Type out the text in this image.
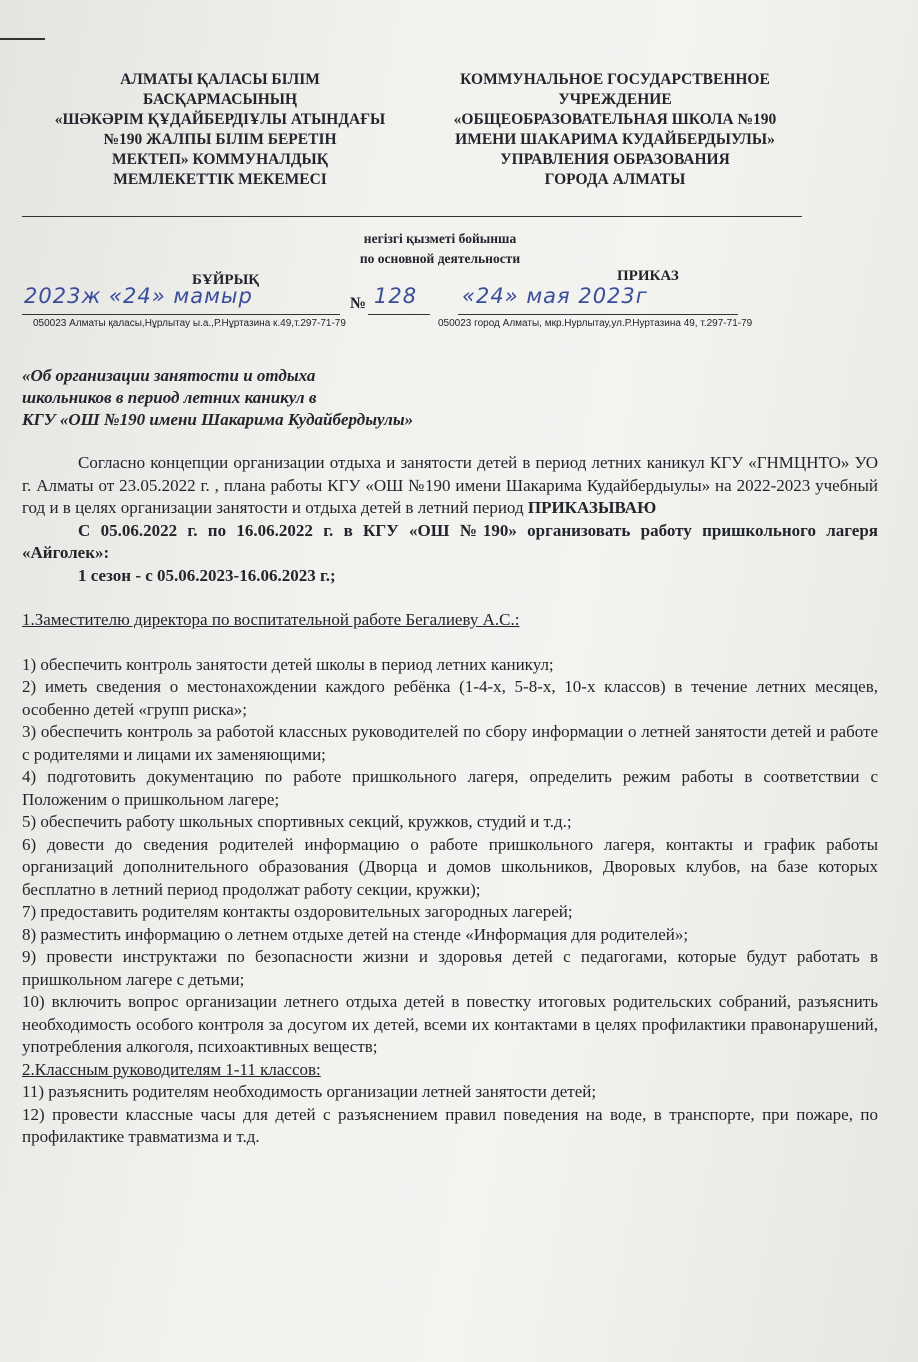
АЛМАТЫ ҚАЛАСЫ БІЛІМ
БАСҚАРМАСЫНЫҢ
«ШӘКӘРІМ ҚҰДАЙБЕРДІҰЛЫ АТЫНДАҒЫ
№190 ЖАЛПЫ БІЛІМ БЕРЕТІН
МЕКТЕП» КОММУНАЛДЫҚ
МЕМЛЕКЕТТІК МЕКЕМЕСІ
КОММУНАЛЬНОЕ ГОСУДАРСТВЕННОЕ
УЧРЕЖДЕНИЕ
«ОБЩЕОБРАЗОВАТЕЛЬНАЯ ШКОЛА №190
ИМЕНИ ШАКАРИМА КУДАЙБЕРДЫУЛЫ»
УПРАВЛЕНИЯ ОБРАЗОВАНИЯ
ГОРОДА АЛМАТЫ
негізгі қызметі бойынша
по основной деятельности
БҰЙРЫҚ	ПРИКАЗ
2023ж «24» мамыр	№ 128 «24» мая 2023г
050023 Алматы қаласы,Нұрлытау ы.а.,Р.Нұртазина к.49,т.297-71-79	050023 город Алматы, мкр.Нурлытау,ул.Р.Нуртазина 49, т.297-71-79
«Об организации занятости и отдыха
школьников в период летних каникул в
КГУ «ОШ №190 имени Шакарима Кудайбердыулы»

Согласно концепции организации отдыха и занятости детей в период летних каникул КГУ «ГНМЦНТО» УО г. Алматы от 23.05.2022 г. , плана работы КГУ «ОШ №190 имени Шакарима Кудайбердыулы» на 2022-2023 учебный год и в целях организации занятости и отдыха детей в летний период ПРИКАЗЫВАЮ

С 05.06.2022 г. по 16.06.2022 г. в КГУ «ОШ №190» организовать работу пришкольного лагеря «Айголек»:

1 сезон - с 05.06.2023-16.06.2023 г.;

1.Заместителю директора по воспитательной работе Бегалиеву А.С.:

1) обеспечить контроль занятости детей школы в период летних каникул;

2) иметь сведения о местонахождении каждого ребёнка (1-4-х, 5-8-х, 10-х классов) в течение летних месяцев, особенно детей «групп риска»;

3) обеспечить контроль за работой классных руководителей по сбору информации о летней занятости детей и работе с родителями и лицами их заменяющими;

4) подготовить документацию по работе пришкольного лагеря, определить режим работы в соответствии с Положеним о пришкольном лагере;

5) обеспечить работу школьных спортивных секций, кружков, студий и т.д.;

6) довести до сведения родителей информацию о работе пришкольного лагеря, контакты и график работы организаций дополнительного образования (Дворца и домов школьников, Дворовых клубов, на базе которых бесплатно в летний период продолжат работу секции, кружки);

7) предоставить родителям контакты оздоровительных загородных лагерей;

8) разместить информацию о летнем отдыхе детей на стенде «Информация для родителей»;

9) провести инструктажи по безопасности жизни и здоровья детей с педагогами, которые будут работать в пришкольном лагере с детьми;

10) включить вопрос организации летнего отдыха детей в повестку итоговых родительских собраний, разъяснить необходимость особого контроля за досугом их детей, всеми их контактами в целях профилактики правонарушений, употребления алкоголя, психоактивных веществ;

2.Классным руководителям 1-11 классов:

11) разъяснить родителям необходимость организации летней занятости детей;

12) провести классные часы для детей с разъяснением правил поведения на воде, в транспорте, при пожаре, по профилактике травматизма и т.д.
